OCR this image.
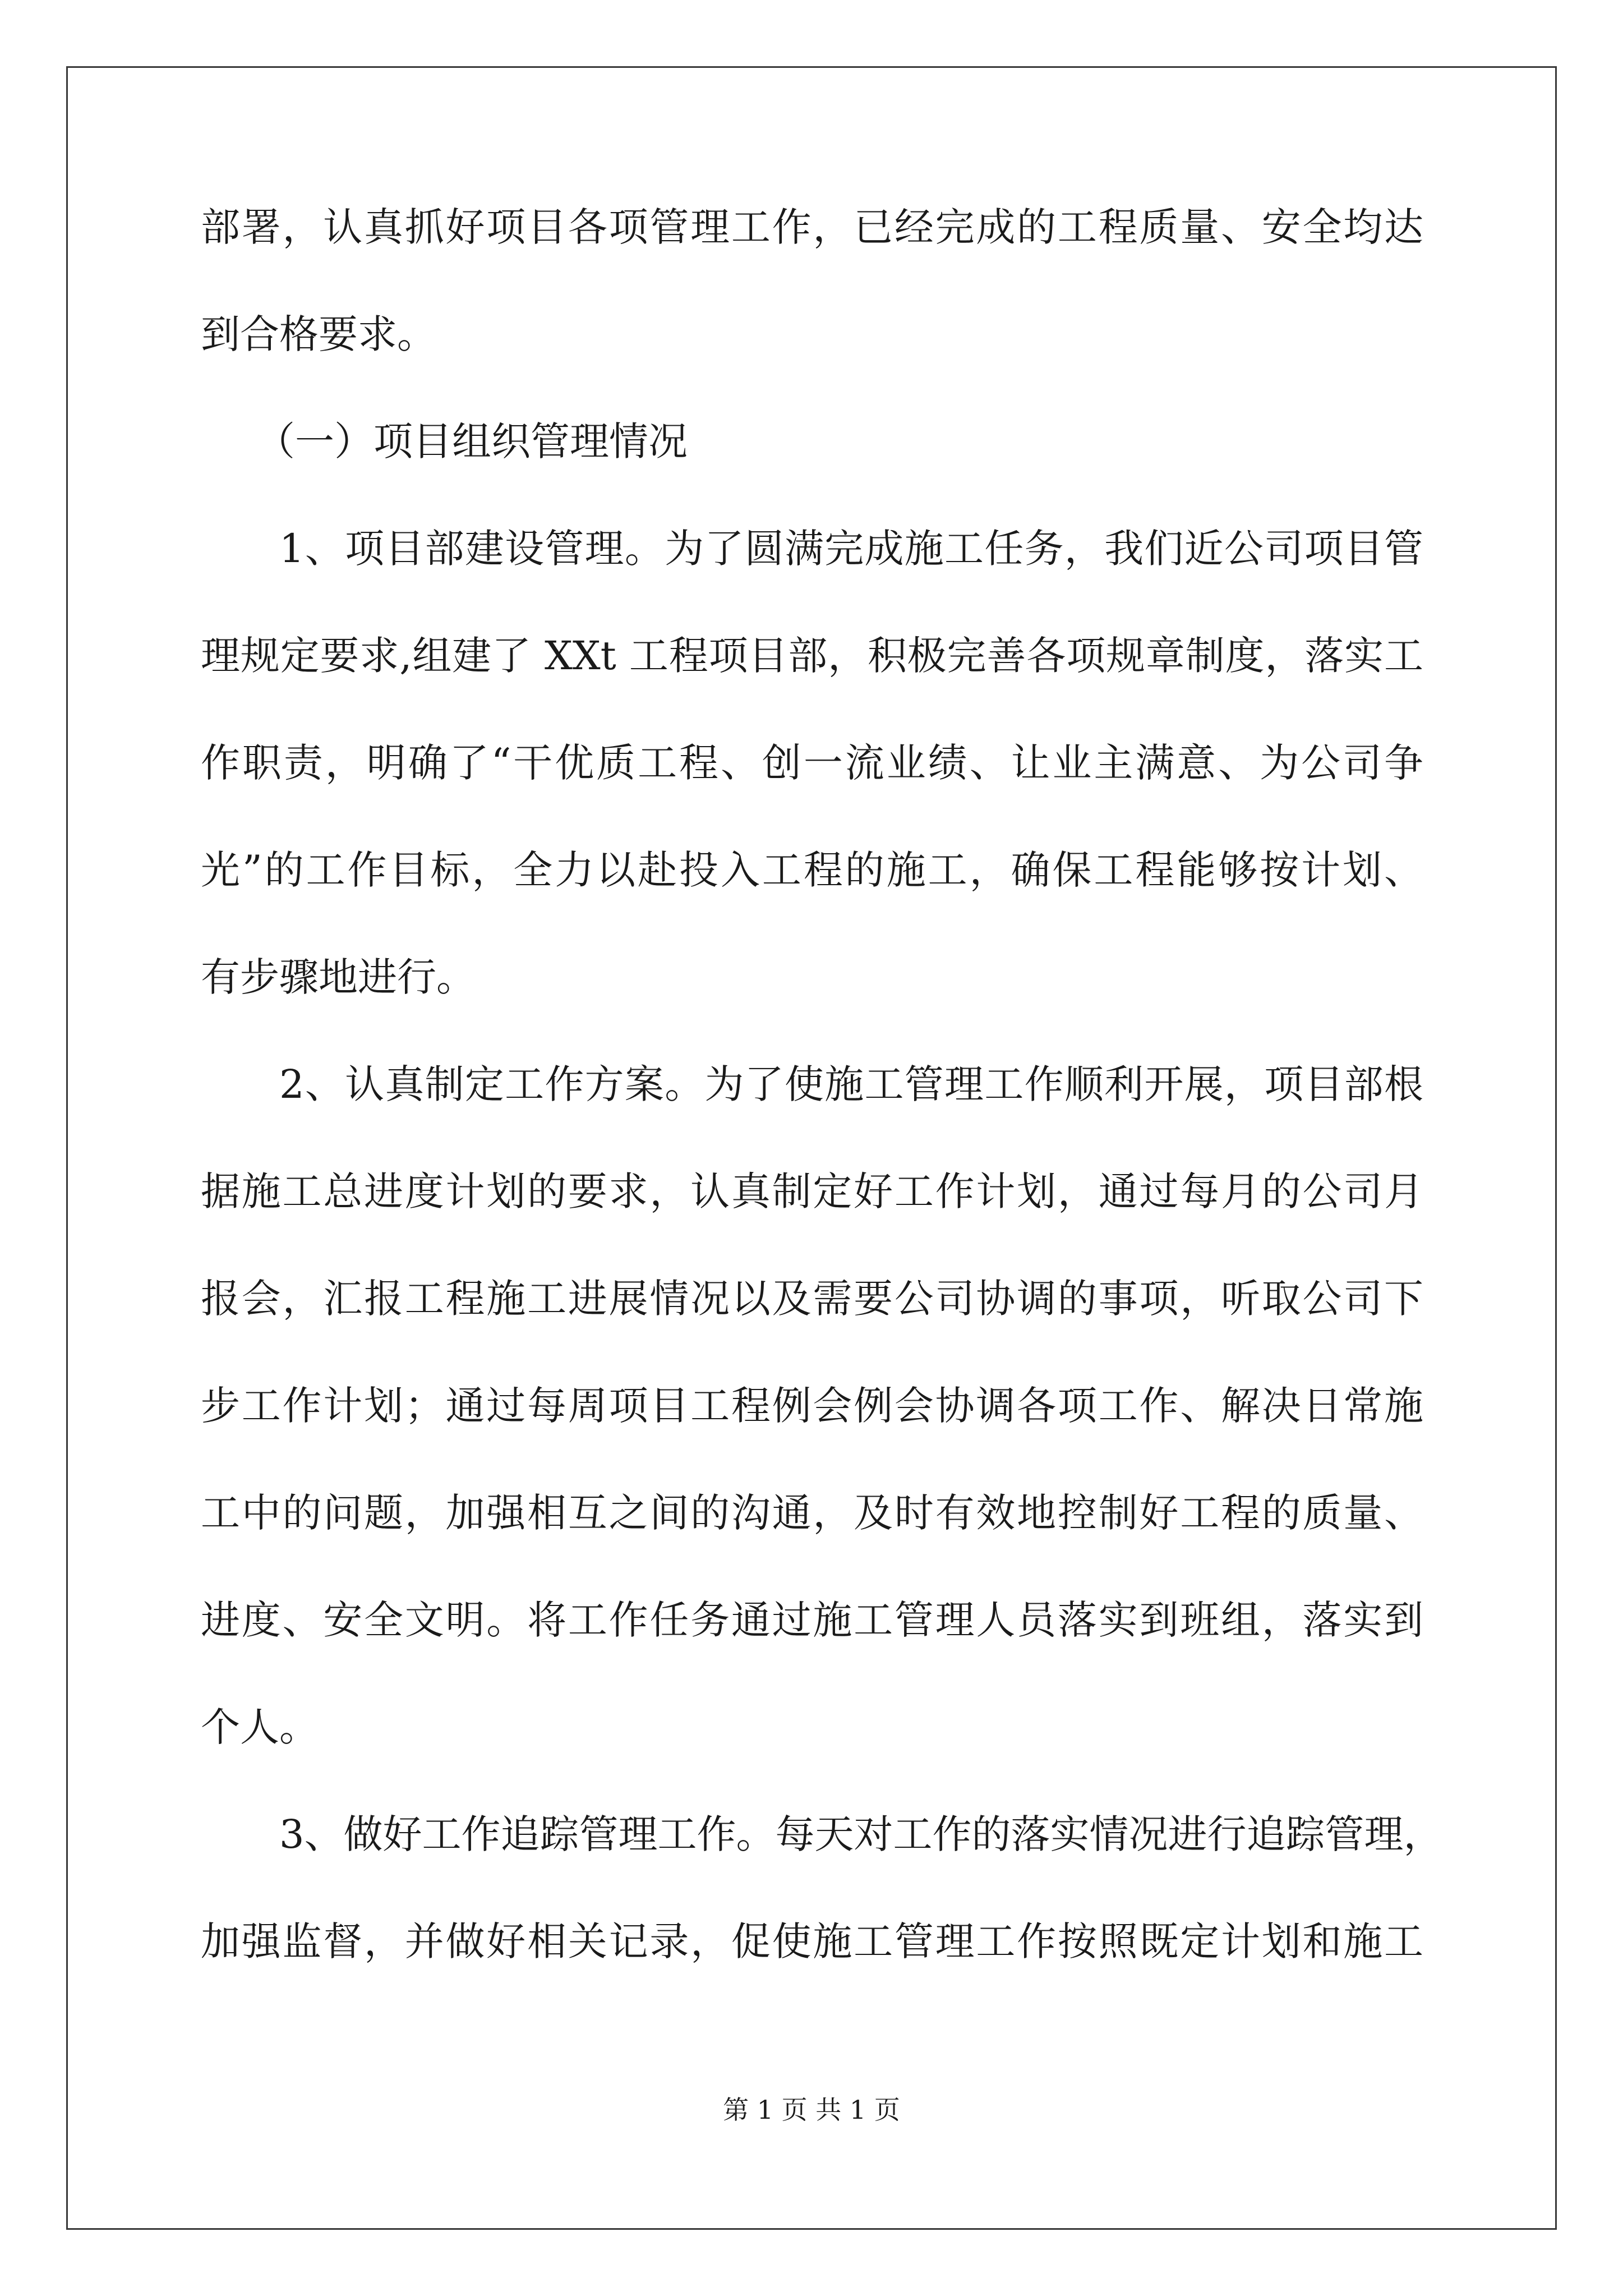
部署，认真抓好项目各项管理工作，已经完成的工程质量、安全均达
到合格要求。
（一）项目组织管理情况
1、项目部建设管理。为了圆满完成施工任务，我们近公司项目管
理规定要求,组建了 XXt 工程项目部，积极完善各项规章制度，落实工
作职责，明确了“干优质工程、创一流业绩、让业主满意、为公司争
光”的工作目标，全力以赴投入工程的施工，确保工程能够按计划、
有步骤地进行。
2、认真制定工作方案。为了使施工管理工作顺利开展，项目部根
据施工总进度计划的要求，认真制定好工作计划，通过每月的公司月
报会，汇报工程施工进展情况以及需要公司协调的事项，听取公司下
步工作计划；通过每周项目工程例会例会协调各项工作、解决日常施
工中的问题，加强相互之间的沟通，及时有效地控制好工程的质量、
进度、安全文明。将工作任务通过施工管理人员落实到班组，落实到
个人。
3、做好工作追踪管理工作。每天对工作的落实情况进行追踪管理，
加强监督，并做好相关记录，促使施工管理工作按照既定计划和施工
第 1 页 共 1 页
